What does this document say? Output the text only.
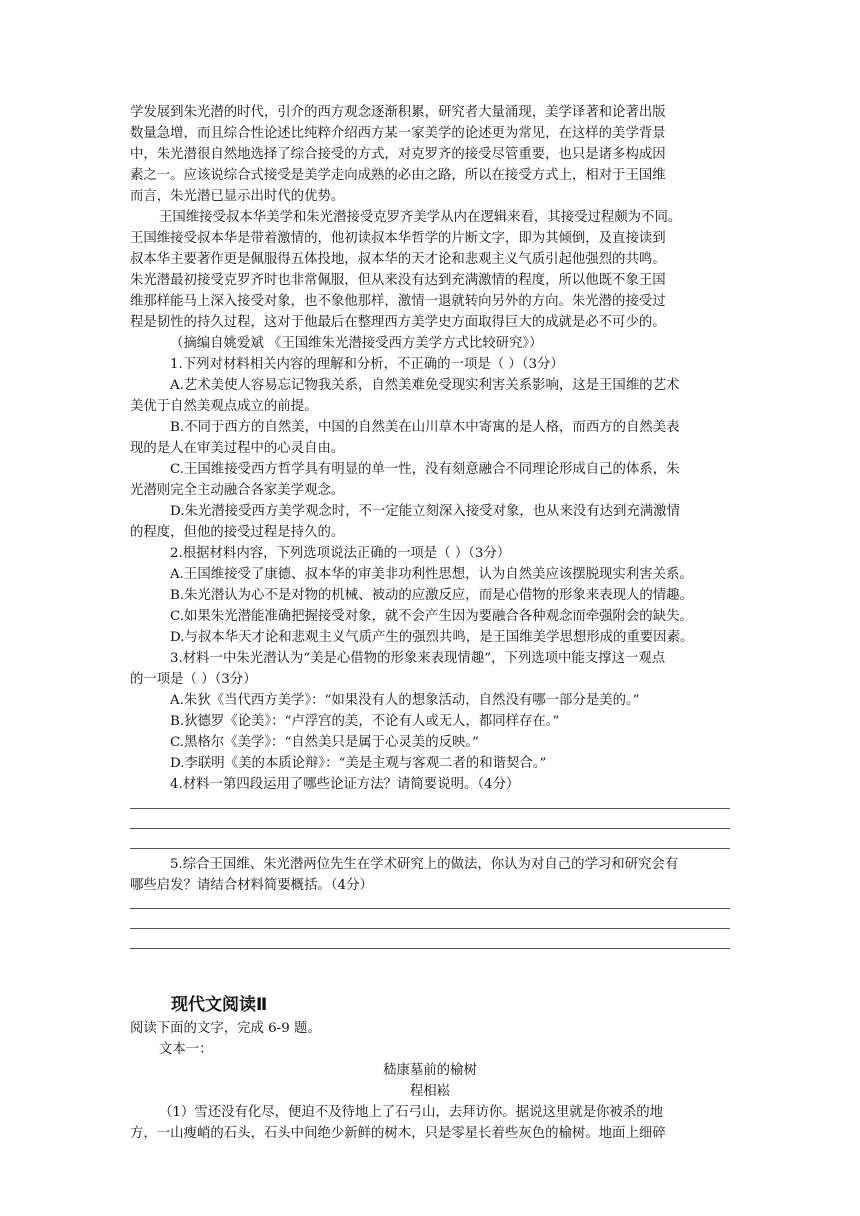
学发展到朱光潜的时代，引介的西方观念逐渐积累，研究者大量涌现，美学译著和论著出版
数量急增，而且综合性论述比纯粹介绍西方某一家美学的论述更为常见，在这样的美学背景
中，朱光潜很自然地选择了综合接受的方式，对克罗齐的接受尽管重要，也只是诸多构成因
素之一。应该说综合式接受是美学走向成熟的必由之路，所以在接受方式上，相对于王国维
而言，朱光潜已显示出时代的优势。
王国维接受叔本华美学和朱光潜接受克罗齐美学从内在逻辑来看，其接受过程颇为不同。
王国维接受叔本华是带着激情的，他初读叔本华哲学的片断文字，即为其倾倒，及直接读到
叔本华主要著作更是佩服得五体投地，叔本华的天才论和悲观主义气质引起他强烈的共鸣。
朱光潜最初接受克罗齐时也非常佩服，但从来没有达到充满激情的程度，所以他既不象王国
维那样能马上深入接受对象，也不象他那样，激情一退就转向另外的方向。朱光潜的接受过
程是韧性的持久过程，这对于他最后在整理西方美学史方面取得巨大的成就是必不可少的。
（摘编自姚爱斌 《王国维朱光潜接受西方美学方式比较研究》）
1.下列对材料相关内容的理解和分析，不正确的一项是（ ）（3分）
A.艺术美使人容易忘记物我关系，自然美难免受现实利害关系影响，这是王国维的艺术
美优于自然美观点成立的前提。
B.不同于西方的自然美，中国的自然美在山川草木中寄寓的是人格，而西方的自然美表
现的是人在审美过程中的心灵自由。
C.王国维接受西方哲学具有明显的单一性，没有刻意融合不同理论形成自己的体系，朱
光潜则完全主动融合各家美学观念。
D.朱光潜接受西方美学观念时，不一定能立刻深入接受对象，也从来没有达到充满激情
的程度，但他的接受过程是持久的。
2.根据材料内容，下列选项说法正确的一项是（ ）（3分）
A.王国维接受了康德、叔本华的审美非功利性思想，认为自然美应该摆脱现实利害关系。
B.朱光潜认为心不是对物的机械、被动的应激反应，而是心借物的形象来表现人的情趣。
C.如果朱光潜能准确把握接受对象，就不会产生因为要融合各种观念而牵强附会的缺失。
D.与叔本华天才论和悲观主义气质产生的强烈共鸣，是王国维美学思想形成的重要因素。
3.材料一中朱光潜认为“美是心借物的形象来表现情趣”，下列选项中能支撑这一观点
的一项是（ ）（3分）
A.朱狄《当代西方美学》：“如果没有人的想象活动，自然没有哪一部分是美的。”
B.狄德罗《论美》：“卢浮宫的美，不论有人或无人，都同样存在。”
C.黑格尔《美学》：“自然美只是属于心灵美的反映。”
D.李联明《美的本质论辩》：“美是主观与客观二者的和谐契合。”
4.材料一第四段运用了哪些论证方法？请简要说明。（4分）
5.综合王国维、朱光潜两位先生在学术研究上的做法，你认为对自己的学习和研究会有
哪些启发？请结合材料简要概括。（4分）
现代文阅读Ⅱ
阅读下面的文字，完成 6-9 题。
文本一：
嵇康墓前的榆树
程相崧
（1）雪还没有化尽，便迫不及待地上了石弓山，去拜访你。据说这里就是你被杀的地
方，一山瘦峭的石头，石头中间绝少新鲜的树木，只是零星长着些灰色的榆树。地面上细碎
